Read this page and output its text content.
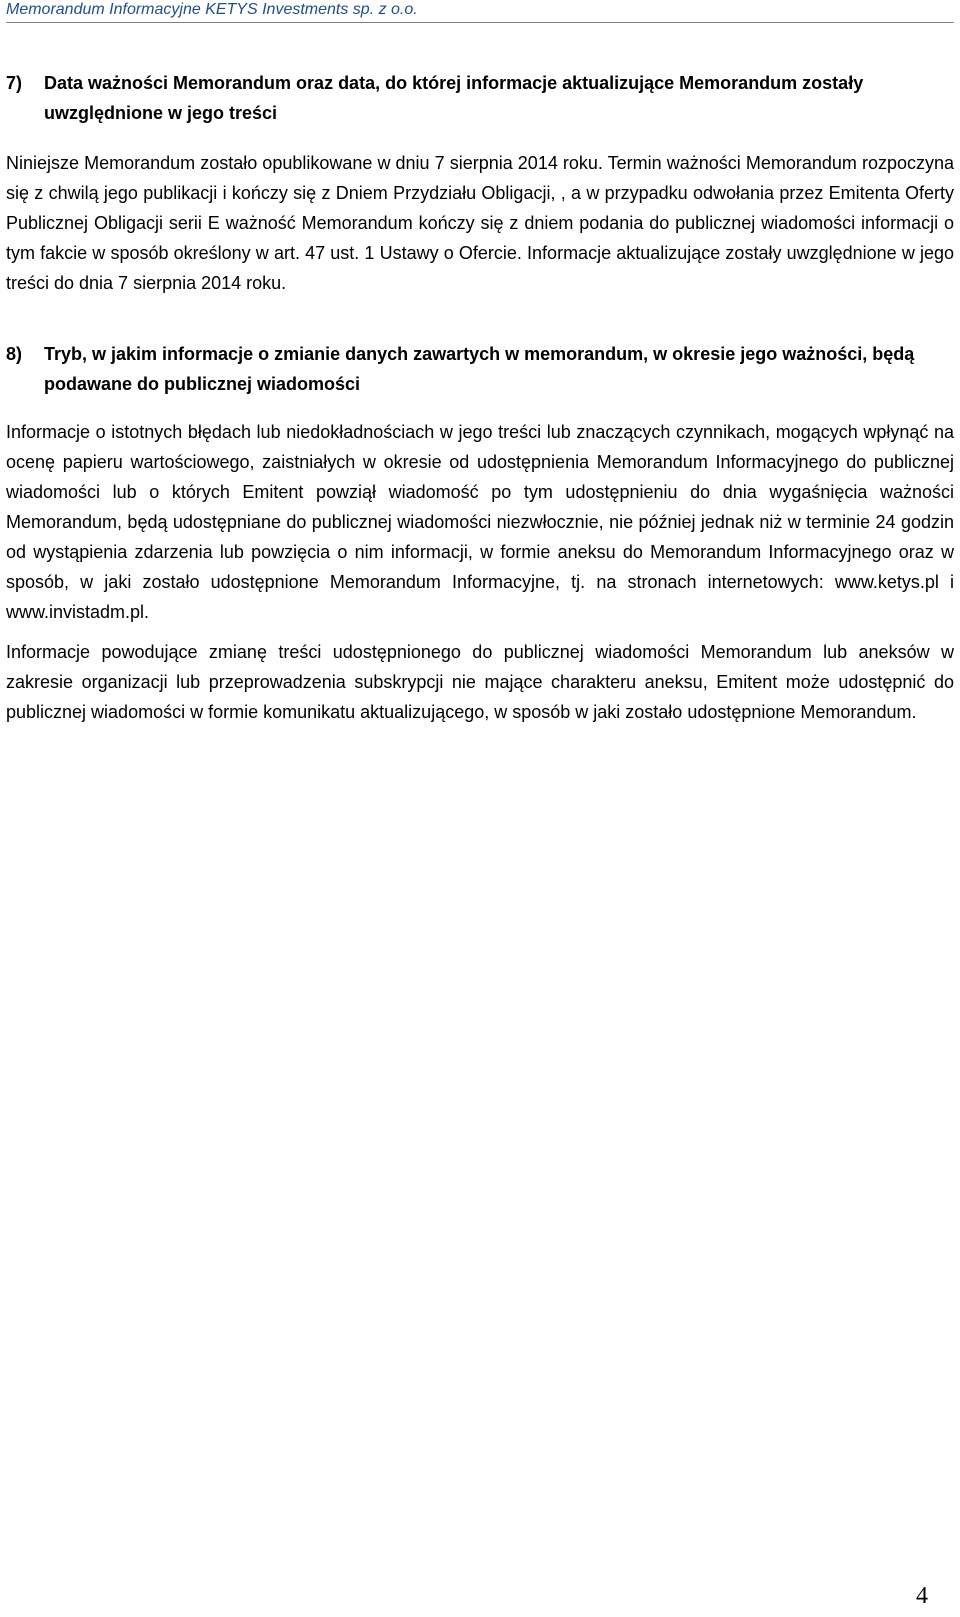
Memorandum Informacyjne KETYS Investments sp. z o.o.
7)	Data ważności Memorandum oraz data, do której informacje aktualizujące Memorandum zostały uwzględnione w jego treści

Niniejsze Memorandum zostało opublikowane w dniu 7 sierpnia 2014 roku. Termin ważności Memorandum rozpoczyna się z chwilą jego publikacji i kończy się z Dniem Przydziału Obligacji, , a w przypadku odwołania przez Emitenta Oferty Publicznej Obligacji serii E ważność Memorandum kończy się z dniem podania do publicznej wiadomości informacji o tym fakcie w sposób określony w art. 47 ust. 1 Ustawy o Ofercie. Informacje aktualizujące zostały uwzględnione w jego treści do dnia 7 sierpnia 2014 roku.

8)	Tryb, w jakim informacje o zmianie danych zawartych w memorandum, w okresie jego ważności, będą podawane do publicznej wiadomości

Informacje o istotnych błędach lub niedokładnościach w jego treści lub znaczących czynnikach, mogących wpłynąć na ocenę papieru wartościowego, zaistniałych w okresie od udostępnienia Memorandum Informacyjnego do publicznej wiadomości lub o których Emitent powziął wiadomość po tym udostępnieniu do dnia wygaśnięcia ważności Memorandum, będą udostępniane do publicznej wiadomości niezwłocznie, nie później jednak niż w terminie 24 godzin od wystąpienia zdarzenia lub powzięcia o nim informacji, w formie aneksu do Memorandum Informacyjnego oraz w sposób, w jaki zostało udostępnione Memorandum Informacyjne, tj. na stronach internetowych: www.ketys.pl i www.invistadm.pl.

Informacje powodujące zmianę treści udostępnionego do publicznej wiadomości Memorandum lub aneksów w zakresie organizacji lub przeprowadzenia subskrypcji nie mające charakteru aneksu, Emitent może udostępnić do publicznej wiadomości w formie komunikatu aktualizującego, w sposób w jaki zostało udostępnione Memorandum.

4
